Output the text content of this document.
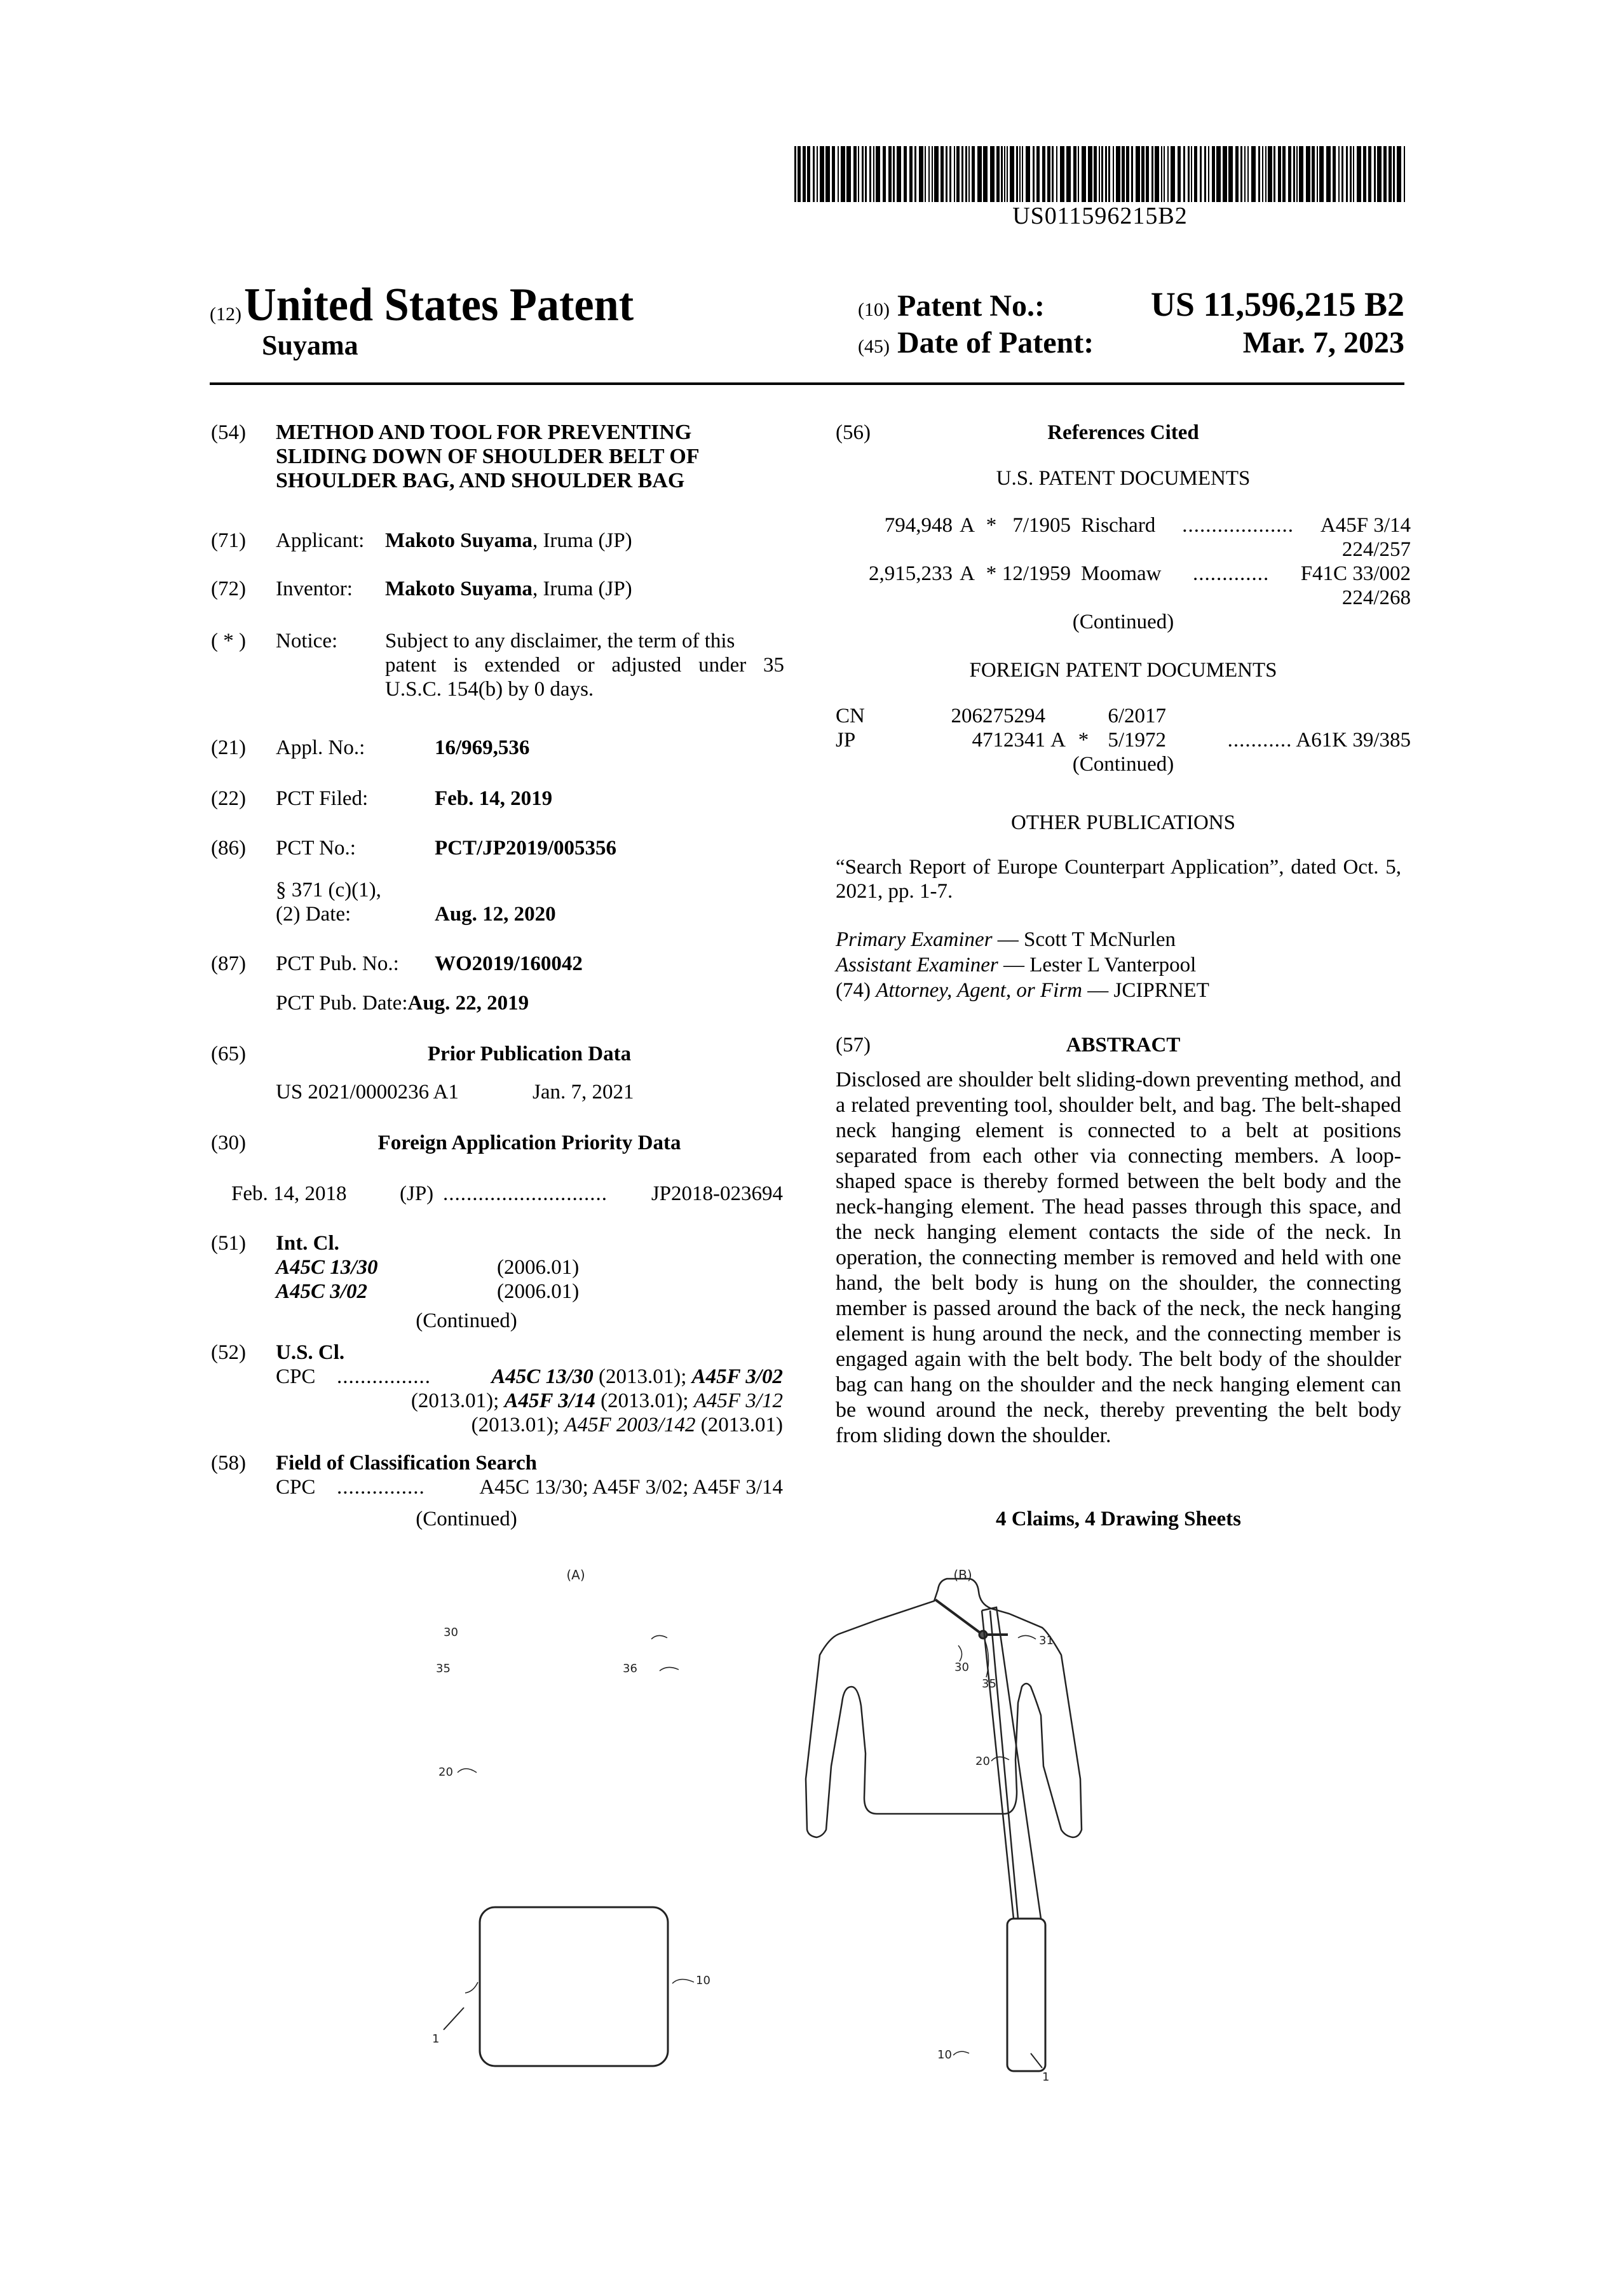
US011596215B2
(12) United States Patent
Suyama
(10) Patent No.:	US 11,596,215 B2
(45) Date of Patent:	Mar. 7, 2023
(54)	METHOD AND TOOL FOR PREVENTING
SLIDING DOWN OF SHOULDER BELT OF
SHOULDER BAG, AND SHOULDER BAG
(71)	Applicant: Makoto Suyama, Iruma (JP)
(72)	Inventor:	Makoto Suyama, Iruma (JP)
( * )	Notice:	Subject to any disclaimer, the term of this
patent is extended or adjusted under 35
U.S.C. 154(b) by 0 days.
(21)	Appl. No.:	16/969,536
(22)	PCT Filed:	Feb. 14, 2019
(86)	PCT No.:	PCT/JP2019/005356
§ 371 (c)(1),
(2) Date:	Aug. 12, 2020
(87)	PCT Pub. No.:	WO2019/160042
PCT Pub. Date: Aug. 22, 2019
(65)	Prior Publication Data
US 2021/0000236 A1	Jan. 7, 2021
(30)	Foreign Application Priority Data
Feb. 14, 2018	(JP) ............................	JP2018-023694
(51)	Int. Cl.
A45C 13/30	(2006.01)
A45C 3/02	(2006.01)
(Continued)
(52)	U.S. Cl.
CPC	................	A45C 13/30 (2013.01); A45F 3/02
(2013.01); A45F 3/14 (2013.01); A45F 3/12
(2013.01); A45F 2003/142 (2013.01)
(58)	Field of Classification Search
CPC	...............	A45C 13/30; A45F 3/02; A45F 3/14
(Continued)
(56)	References Cited
U.S. PATENT DOCUMENTS
794,948 A * 7/1905 Rischard	...................	A45F 3/14
224/257
2,915,233 A * 12/1959 Moomaw	.............	F41C 33/002
224/268
(Continued)
FOREIGN PATENT DOCUMENTS
CN	206275294	6/2017
JP	4712341 A * 5/1972	........... A61K 39/385
(Continued)
OTHER PUBLICATIONS
“Search Report of Europe Counterpart Application”, dated Oct. 5, 2021, pp. 1-7.
Primary Examiner — Scott T McNurlen
Assistant Examiner — Lester L Vanterpool
(74) Attorney, Agent, or Firm — JCIPRNET
(57)	ABSTRACT
Disclosed are shoulder belt sliding-down preventing method, and a related preventing tool, shoulder belt, and bag. The belt-shaped neck hanging element is connected to a belt at positions separated from each other via connecting members. A loop-shaped space is thereby formed between the belt body and the neck-hanging element. The head passes through this space, and the neck hanging element contacts the side of the neck. In operation, the connecting member is removed and held with one hand, the belt body is hung on the shoulder, the connecting member is passed around the back of the neck, the neck hanging element is hung around the neck, and the connecting member is engaged again with the belt body. The belt body of the shoulder bag can hang on the shoulder and the neck hanging element can be wound around the neck, thereby preventing the belt body from sliding down the shoulder.
4 Claims, 4 Drawing Sheets
(A)
30
35	36
20
10
1
(B)
30
35
31
20
10
1
